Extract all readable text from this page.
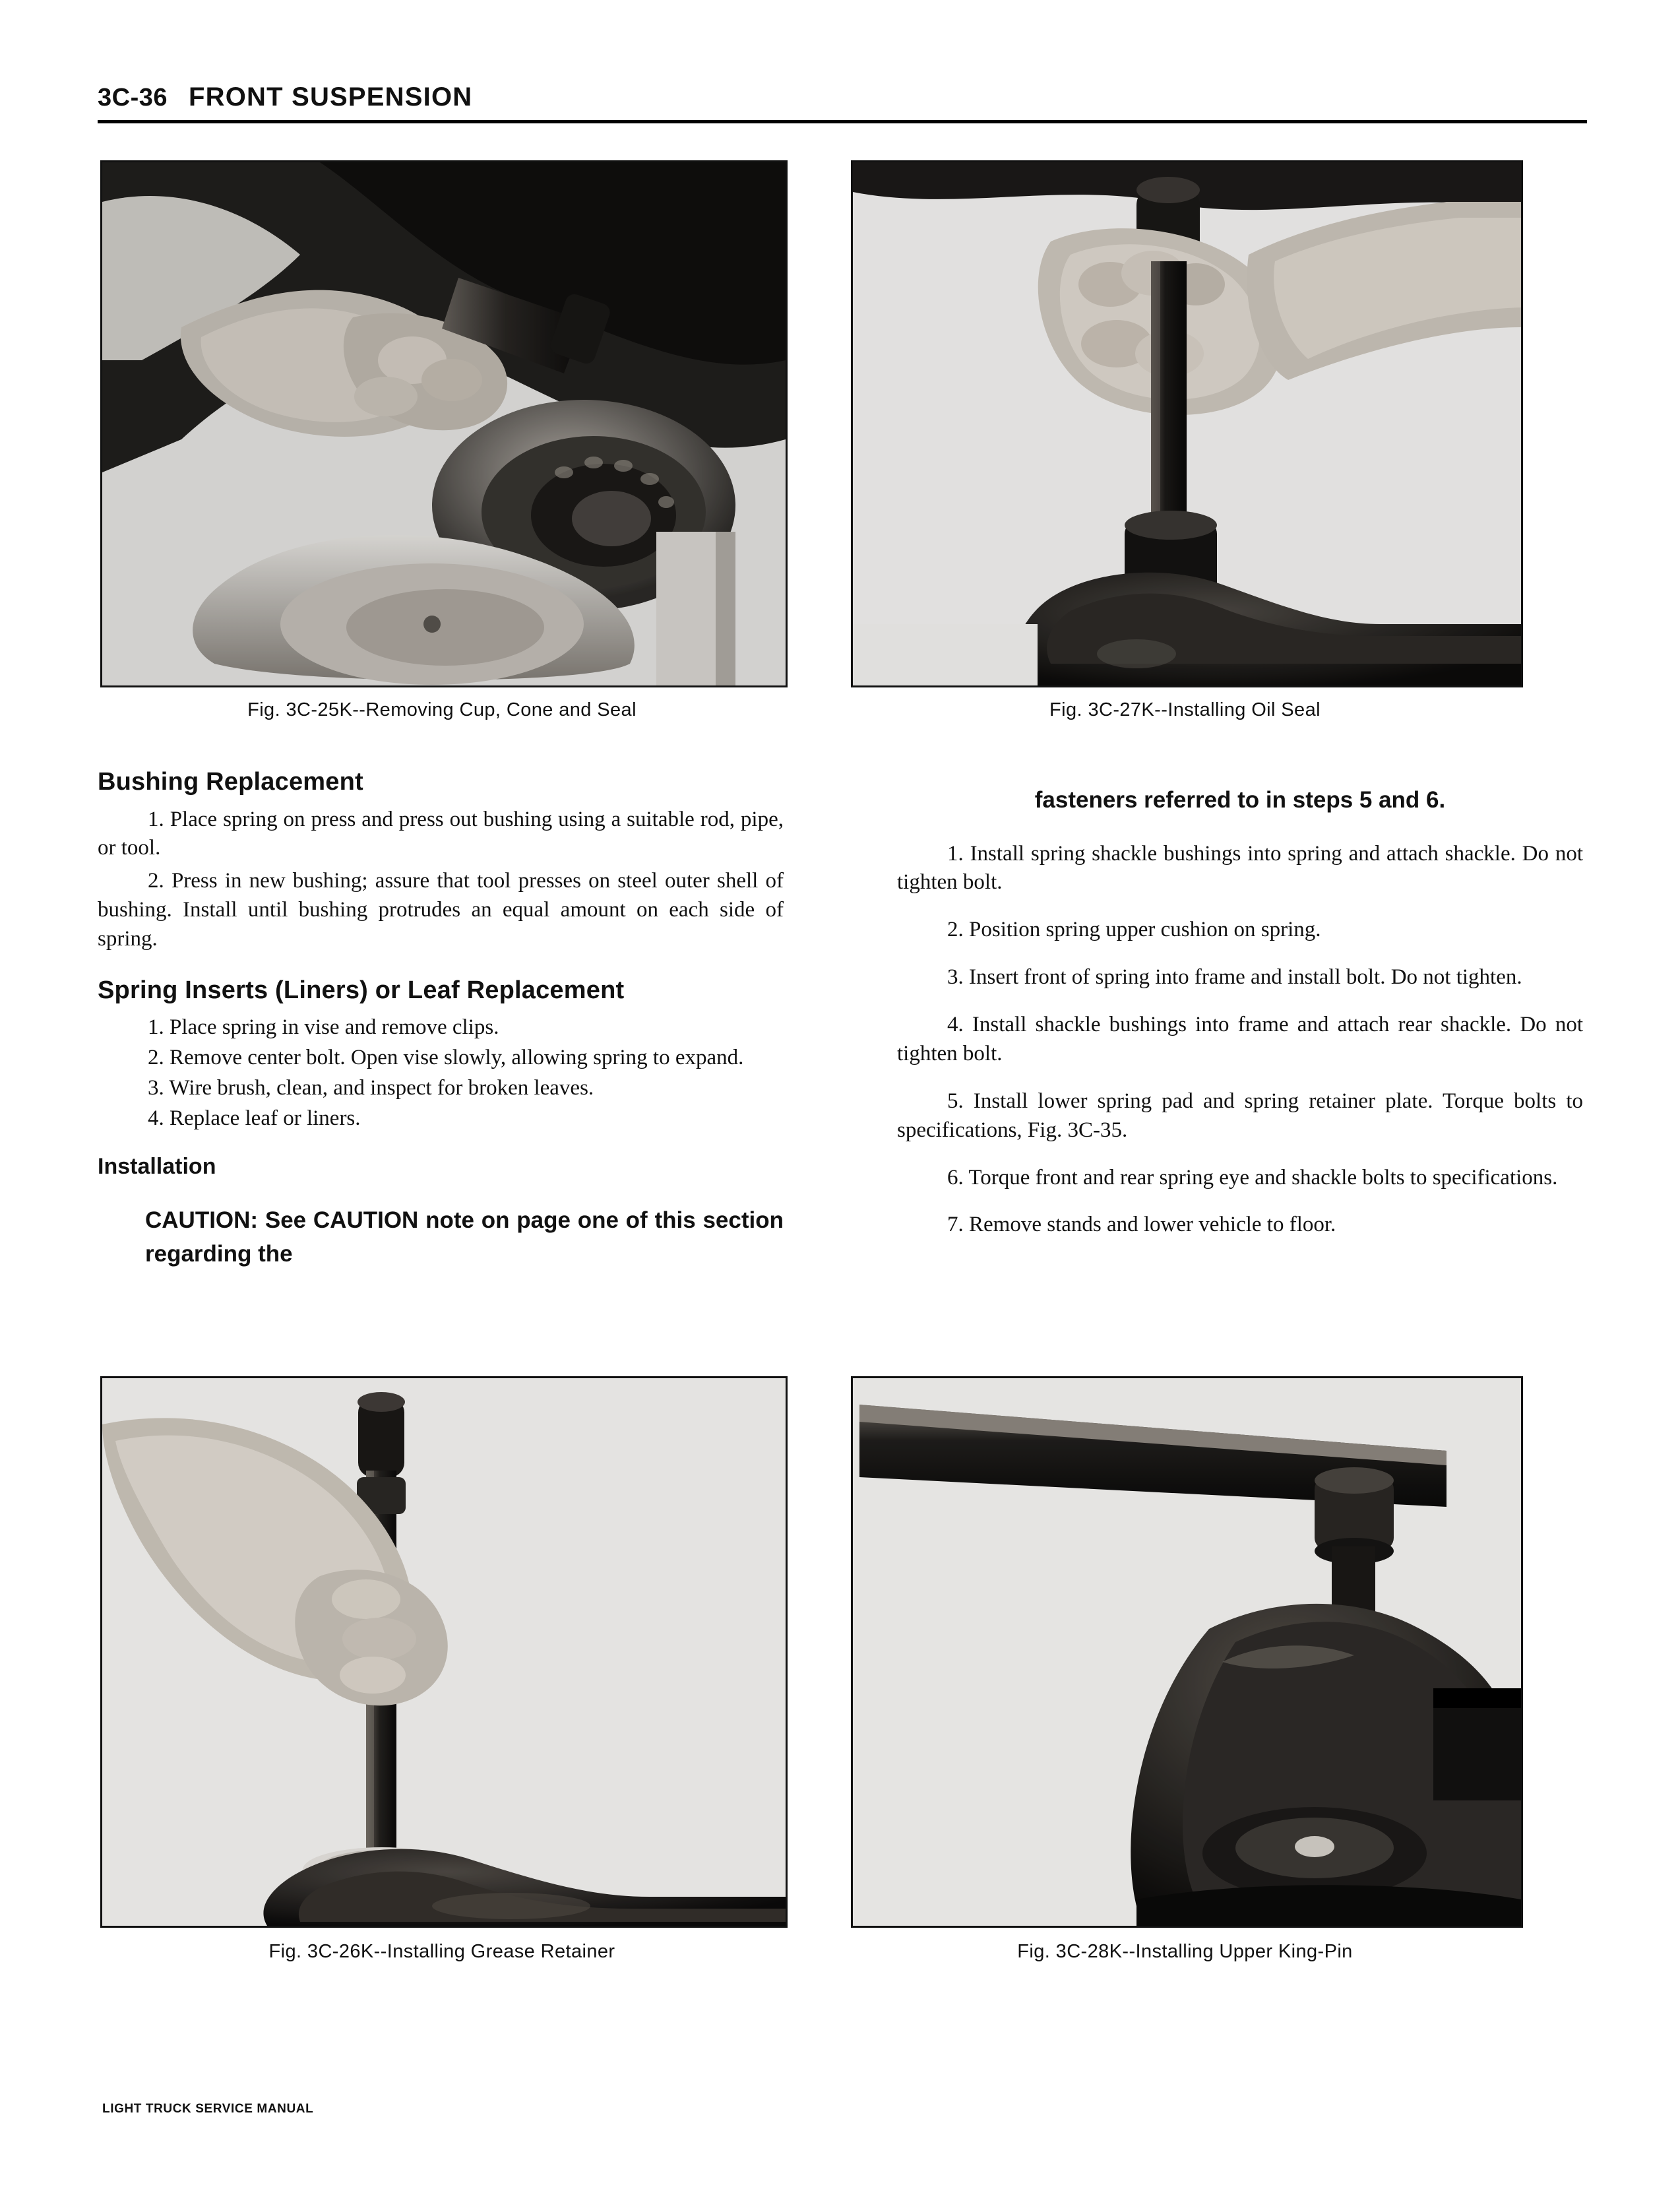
3C-36 FRONT SUSPENSION
Fig. 3C-25K--Removing Cup, Cone and Seal	Fig. 3C-27K--Installing Oil Seal
Bushing Replacement

1. Place spring on press and press out bushing using a suitable rod, pipe, or tool.

2. Press in new bushing; assure that tool presses on steel outer shell of bushing. Install until bushing protrudes an equal amount on each side of spring.

Spring Inserts (Liners) or Leaf Replacement

1. Place spring in vise and remove clips.

2. Remove center bolt. Open vise slowly, allowing spring to expand.

3. Wire brush, clean, and inspect for broken leaves.

4. Replace leaf or liners.

Installation

CAUTION: See CAUTION note on page one of this section regarding the

fasteners referred to in steps 5 and 6.

1. Install spring shackle bushings into spring and attach shackle. Do not tighten bolt.

2. Position spring upper cushion on spring.

3. Insert front of spring into frame and install bolt. Do not tighten.

4. Install shackle bushings into frame and attach rear shackle. Do not tighten bolt.

5. Install lower spring pad and spring retainer plate. Torque bolts to specifications, Fig. 3C-35.

6. Torque front and rear spring eye and shackle bolts to specifications.

7. Remove stands and lower vehicle to floor.

Fig. 3C-26K--Installing Grease Retainer	Fig. 3C-28K--Installing Upper King-Pin
LIGHT TRUCK SERVICE MANUAL
